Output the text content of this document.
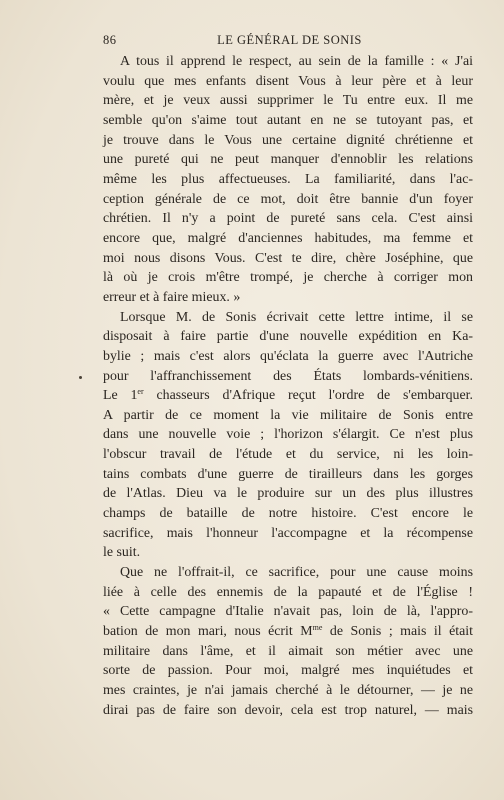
86	LE GÉNÉRAL DE SONIS
A tous il apprend le respect, au sein de la famille : « J'ai
voulu que mes enfants disent Vous à leur père et à leur
mère, et je veux aussi supprimer le Tu entre eux. Il me
semble qu'on s'aime tout autant en ne se tutoyant pas, et
je trouve dans le Vous une certaine dignité chrétienne et
une pureté qui ne peut manquer d'ennoblir les relations
même les plus affectueuses. La familiarité, dans l'ac-
ception générale de ce mot, doit être bannie d'un foyer
chrétien. Il n'y a point de pureté sans cela. C'est ainsi
encore que, malgré d'anciennes habitudes, ma femme et
moi nous disons Vous. C'est te dire, chère Joséphine, que
là où je crois m'être trompé, je cherche à corriger mon
erreur et à faire mieux. »
Lorsque M. de Sonis écrivait cette lettre intime, il se
disposait à faire partie d'une nouvelle expédition en Ka-
bylie ; mais c'est alors qu'éclata la guerre avec l'Autriche
pour l'affranchissement des États lombards-vénitiens.
Le 1er chasseurs d'Afrique reçut l'ordre de s'embarquer.
A partir de ce moment la vie militaire de Sonis entre
dans une nouvelle voie ; l'horizon s'élargit. Ce n'est plus
l'obscur travail de l'étude et du service, ni les loin-
tains combats d'une guerre de tirailleurs dans les gorges
de l'Atlas. Dieu va le produire sur un des plus illustres
champs de bataille de notre histoire. C'est encore le
sacrifice, mais l'honneur l'accompagne et la récompense
le suit.
Que ne l'offrait-il, ce sacrifice, pour une cause moins
liée à celle des ennemis de la papauté et de l'Église !
« Cette campagne d'Italie n'avait pas, loin de là, l'appro-
bation de mon mari, nous écrit $M^{me}$ de Sonis ; mais il était
militaire dans l'âme, et il aimait son métier avec une
sorte de passion. Pour moi, malgré mes inquiétudes et
mes craintes, je n'ai jamais cherché à le détourner, — je ne
dirai pas de faire son devoir, cela est trop naturel, — mais
